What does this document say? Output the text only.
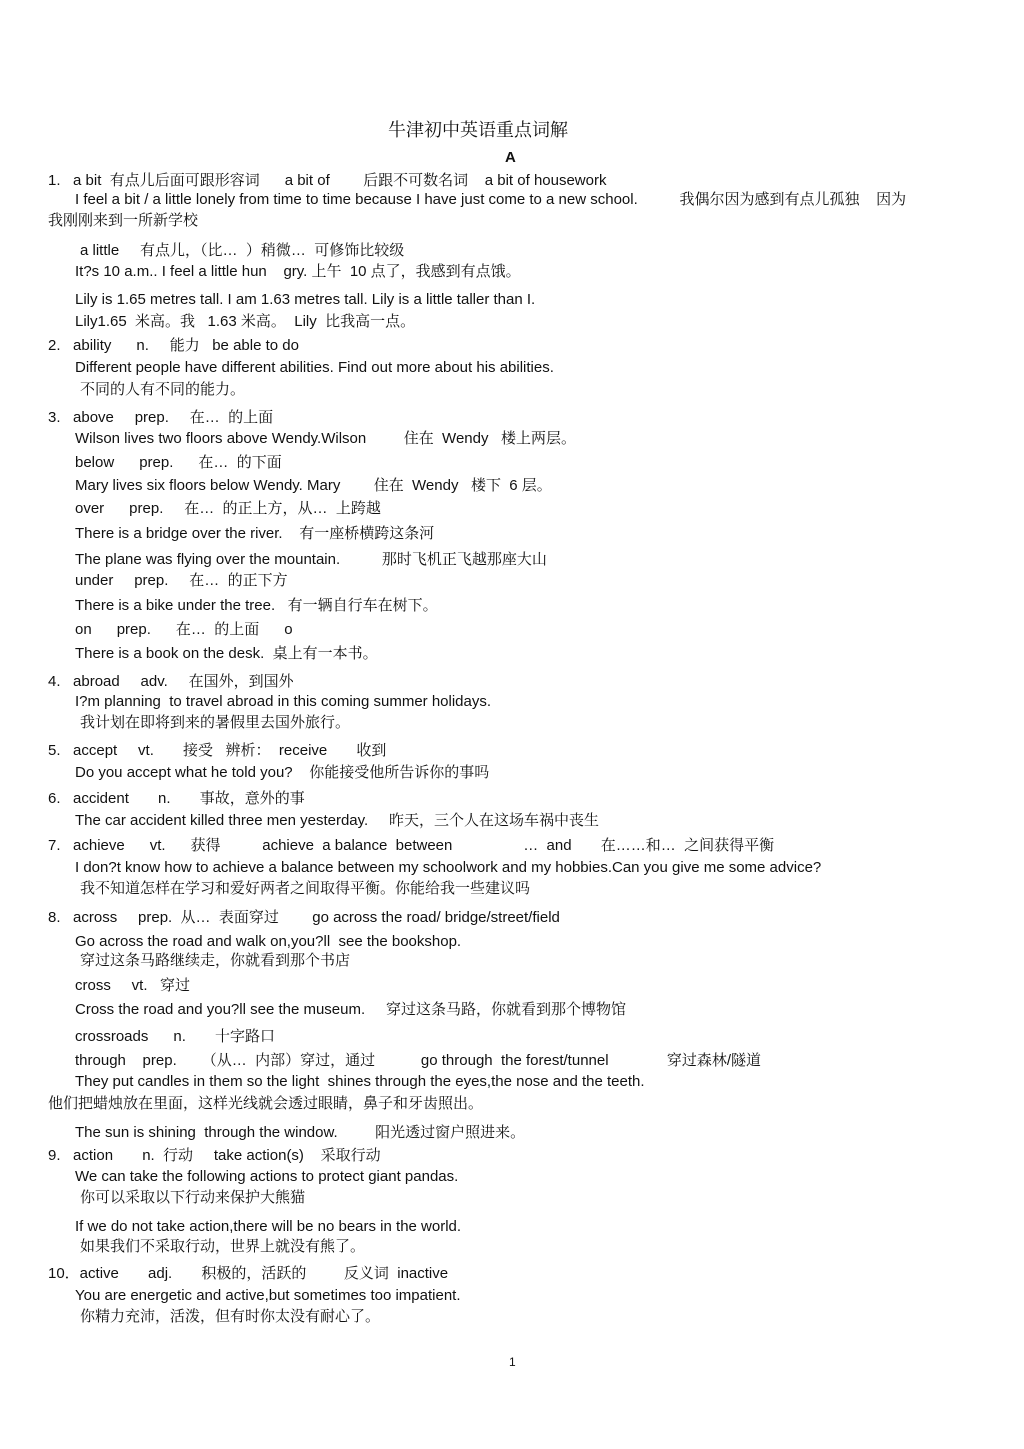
牛津初中英语重点词解
A
1.   a bit  有点儿后面可跟形容词      a bit of        后跟不可数名词    a bit of housework
I feel a bit / a little lonely from time to time because I have just come to a new school.          我偶尔因为感到有点儿孤独    因为
我刚刚来到一所新学校
a little     有点儿，（比…  ）稍微…  可修饰比较级
It?s 10 a.m.. I feel a little hun    gry. 上午  10 点了，我感到有点饿。
Lily is 1.65 metres tall. I am 1.63 metres tall. Lily is a little taller than I.
Lily1.65  米高。我   1.63 米高。  Lily  比我高一点。
2.   ability      n.     能力   be able to do
Different people have different abilities. Find out more about his abilities.
不同的人有不同的能力。
3.   above     prep.     在…  的上面
Wilson lives two floors above Wendy.Wilson         住在  Wendy   楼上两层。
below      prep.      在…  的下面
Mary lives six floors below Wendy. Mary        住在  Wendy   楼下  6 层。
over      prep.     在…  的正上方，从…  上跨越
There is a bridge over the river.    有一座桥横跨这条河
The plane was flying over the mountain.          那时飞机正飞越那座大山
under     prep.     在…  的正下方
There is a bike under the tree.   有一辆自行车在树下。
on      prep.      在…  的上面      o
There is a book on the desk.  桌上有一本书。
4.   abroad     adv.     在国外，到国外
I?m planning  to travel abroad in this coming summer holidays.
我计划在即将到来的暑假里去国外旅行。
5.   accept     vt.       接受   辨析：  receive       收到
Do you accept what he told you?    你能接受他所告诉你的事吗
6.   accident       n.       事故，意外的事
The car accident killed three men yesterday.     昨天，三个人在这场车祸中丧生
7.   achieve      vt.      获得          achieve  a balance  between                 …  and       在……和…  之间获得平衡
I don?t know how to achieve a balance between my schoolwork and my hobbies.Can you give me some advice?
我不知道怎样在学习和爱好两者之间取得平衡。你能给我一些建议吗
8.   across     prep.  从…  表面穿过        go across the road/ bridge/street/field
Go across the road and walk on,you?ll  see the bookshop.
穿过这条马路继续走，你就看到那个书店
cross     vt.   穿过
Cross the road and you?ll see the museum.     穿过这条马路，你就看到那个博物馆
crossroads      n.       十字路口
through    prep.      （从…  内部）穿过，通过           go through  the forest/tunnel              穿过森林/隧道
They put candles in them so the light  shines through the eyes,the nose and the teeth.
他们把蜡烛放在里面，这样光线就会透过眼睛，鼻子和牙齿照出。
The sun is shining  through the window.         阳光透过窗户照进来。
9.   action       n.  行动     take action(s)    采取行动
We can take the following actions to protect giant pandas.
你可以采取以下行动来保护大熊猫
If we do not take action,there will be no bears in the world.
如果我们不采取行动，世界上就没有熊了。
10．active       adj.       积极的，活跃的         反义词  inactive
You are energetic and active,but sometimes too impatient.
你精力充沛，活泼，但有时你太没有耐心了。
1
